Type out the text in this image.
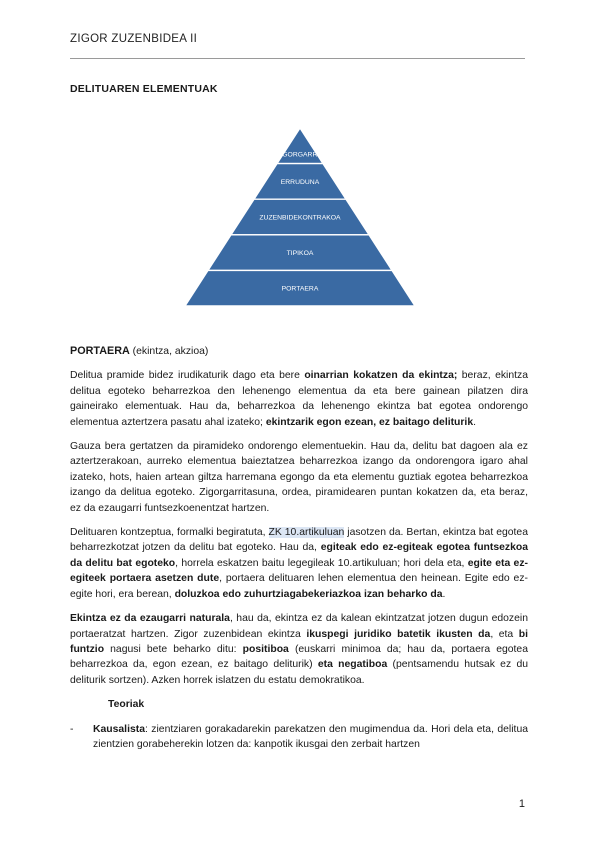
ZIGOR ZUZENBIDEA II
DELITUAREN ELEMENTUAK
ZIGORGARRIA
ERRUDUNA
ZUZENBIDEKONTRAKOA
TIPIKOA
PORTAERA
PORTAERA (ekintza, akzioa)

Delitua pramide bidez irudikaturik dago eta bere oinarrian kokatzen da ekintza; beraz, ekintza delitua egoteko beharrezkoa den lehenengo elementua da eta bere gainean pilatzen dira gaineirako elementuak. Hau da, beharrezkoa da lehenengo ekintza bat egotea ondorengo elementua aztertzera pasatu ahal izateko; ekintzarik egon ezean, ez baitago deliturik.

Gauza bera gertatzen da piramideko ondorengo elementuekin. Hau da, delitu bat dagoen ala ez aztertzerakoan, aurreko elementua baieztatzea beharrezkoa izango da ondorengora igaro ahal izateko, hots, haien artean giltza harremana egongo da eta elementu guztiak egotea beharrezkoa izango da delitua egoteko. Zigorgarritasuna, ordea, piramidearen puntan kokatzen da, eta beraz, ez da ezaugarri funtsezkoenentzat hartzen.

Delituaren kontzeptua, formalki begiratuta, ZK 10.artikuluan jasotzen da. Bertan, ekintza bat egotea beharrezkotzat jotzen da delitu bat egoteko. Hau da, egiteak edo ez-egiteak egotea funtsezkoa da delitu bat egoteko, horrela eskatzen baitu legegileak 10.artikuluan; hori dela eta, egite eta ez-egiteek portaera asetzen dute, portaera delituaren lehen elementua den heinean. Egite edo ez-egite hori, era berean, doluzkoa edo zuhurtziagabekeriazkoa izan beharko da.

Ekintza ez da ezaugarri naturala, hau da, ekintza ez da kalean ekintzatzat jotzen dugun edozein portaeratzat hartzen. Zigor zuzenbidean ekintza ikuspegi juridiko batetik ikusten da, eta bi funtzio nagusi bete beharko ditu: positiboa (euskarri minimoa da; hau da, portaera egotea beharrezkoa da, egon ezean, ez baitago deliturik) eta negatiboa (pentsamendu hutsak ez du deliturik sortzen). Azken horrek islatzen du estatu demokratikoa.

Teoriak

- Kausalista: zientziaren gorakadarekin parekatzen den mugimendua da. Hori dela eta, delitua zientzien gorabeherekin lotzen da: kanpotik ikusgai den zerbait hartzen

1
